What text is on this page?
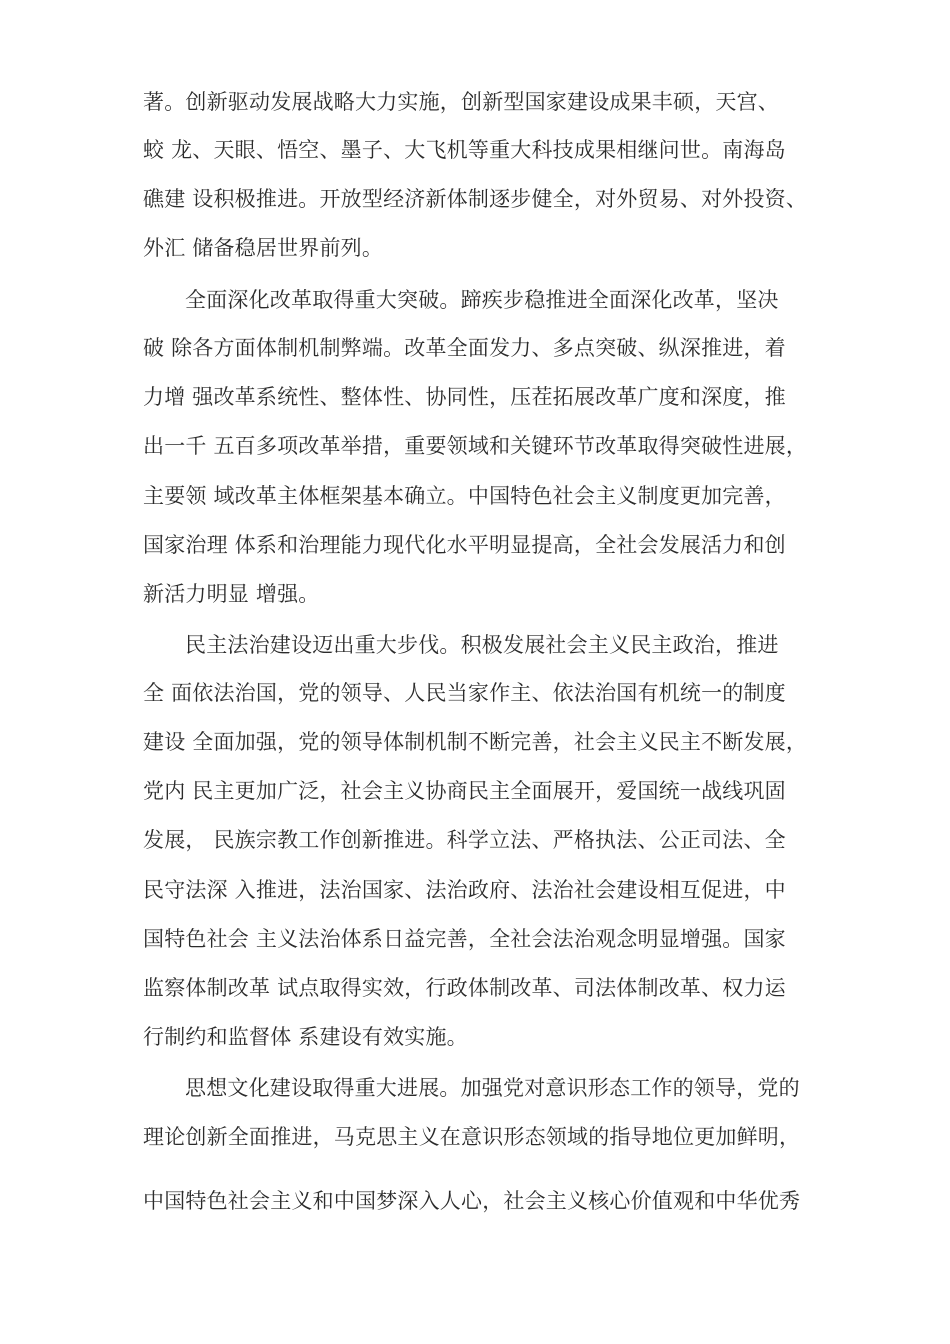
著。创新驱动发展战略大力实施，创新型国家建设成果丰硕，天宫、
蛟 龙、天眼、悟空、墨子、大飞机等重大科技成果相继问世。南海岛
礁建 设积极推进。开放型经济新体制逐步健全，对外贸易、对外投资、
外汇 储备稳居世界前列。
全面深化改革取得重大突破。蹄疾步稳推进全面深化改革，坚决
破 除各方面体制机制弊端。改革全面发力、多点突破、纵深推进，着
力增 强改革系统性、整体性、协同性，压茬拓展改革广度和深度，推
出一千 五百多项改革举措，重要领域和关键环节改革取得突破性进展，
主要领 域改革主体框架基本确立。中国特色社会主义制度更加完善，
国家治理 体系和治理能力现代化水平明显提高，全社会发展活力和创
新活力明显 增强。
民主法治建设迈出重大步伐。积极发展社会主义民主政治，推进
全 面依法治国，党的领导、人民当家作主、依法治国有机统一的制度
建设 全面加强，党的领导体制机制不断完善，社会主义民主不断发展，
党内 民主更加广泛，社会主义协商民主全面展开，爱国统一战线巩固
发展， 民族宗教工作创新推进。科学立法、严格执法、公正司法、全
民守法深 入推进，法治国家、法治政府、法治社会建设相互促进，中
国特色社会 主义法治体系日益完善，全社会法治观念明显增强。国家
监察体制改革 试点取得实效，行政体制改革、司法体制改革、权力运
行制约和监督体 系建设有效实施。
思想文化建设取得重大进展。加强党对意识形态工作的领导，党的
理论创新全面推进，马克思主义在意识形态领域的指导地位更加鲜明，
中国特色社会主义和中国梦深入人心，社会主义核心价值观和中华优秀
